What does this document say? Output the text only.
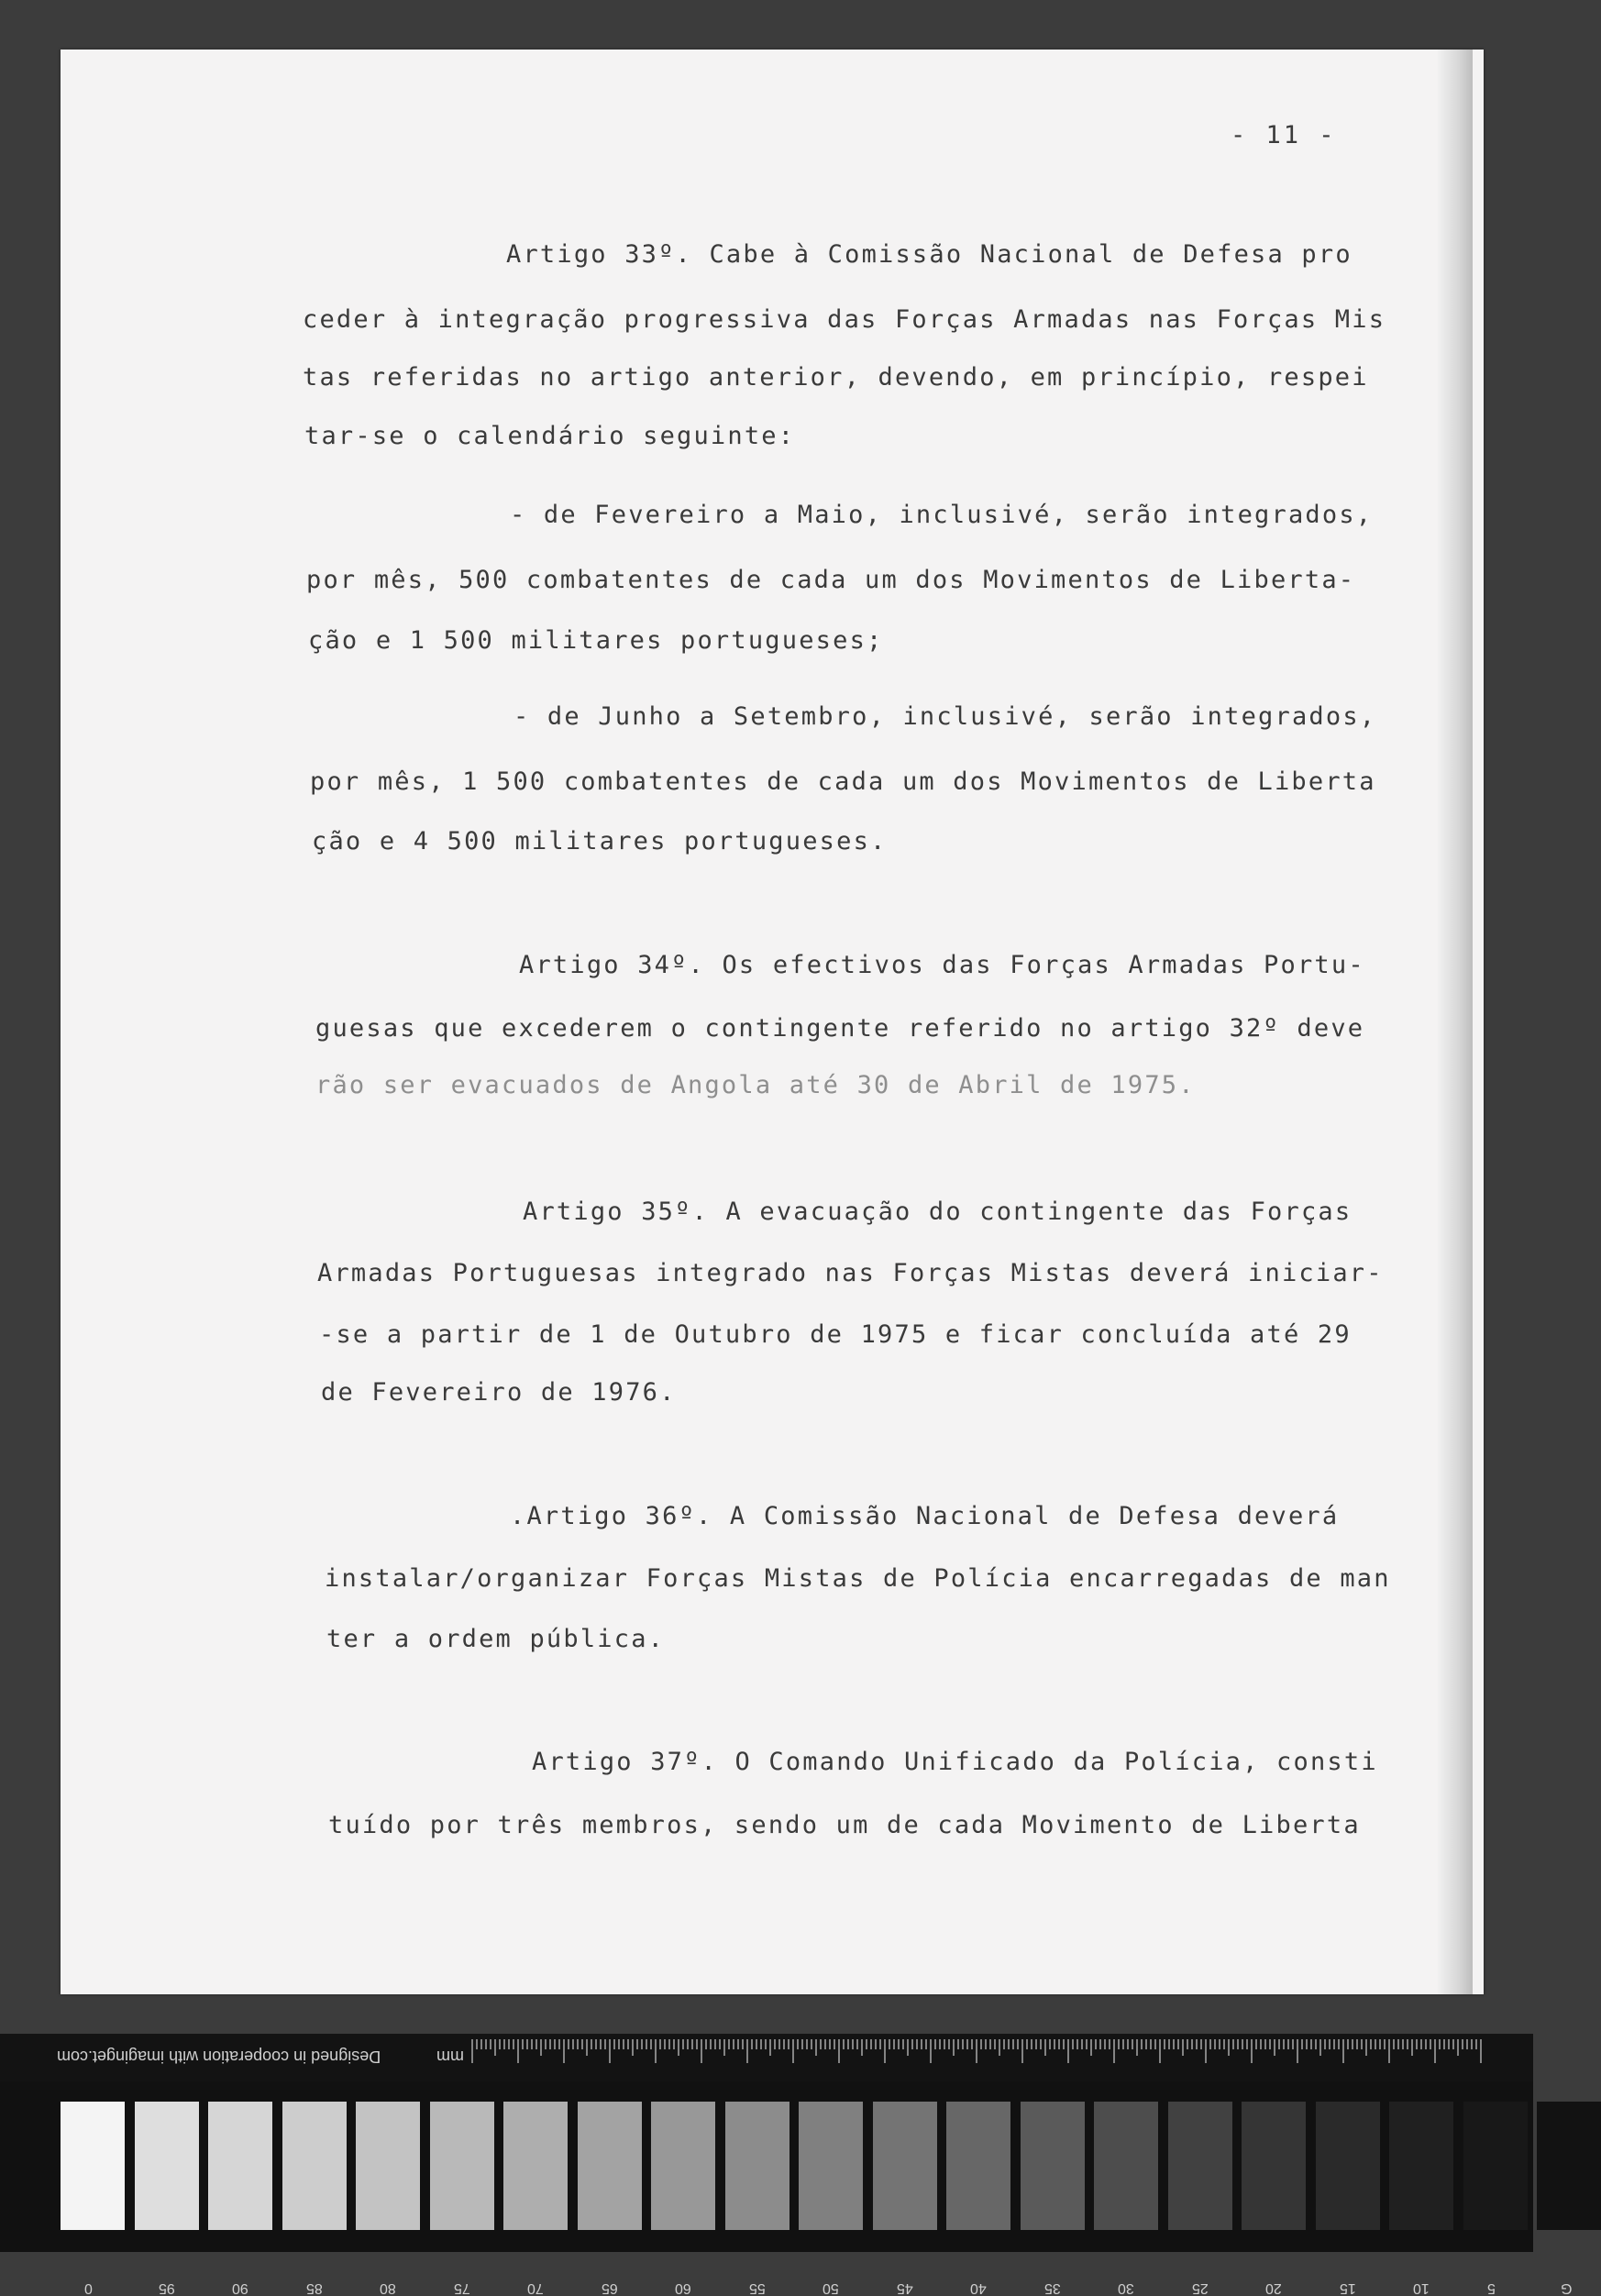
- 11 -
Artigo 33º. Cabe à Comissão Nacional de Defesa pro
ceder à integração progressiva das Forças Armadas nas Forças Mis
tas referidas no artigo anterior, devendo, em princípio, respei
tar-se o calendário seguinte:
- de Fevereiro a Maio, inclusivé, serão integrados,
por mês, 500 combatentes de cada um dos Movimentos de Liberta-
ção e 1 500 militares portugueses;
- de Junho a Setembro, inclusivé, serão integrados,
por mês, 1 500 combatentes de cada um dos Movimentos de Liberta
ção e 4 500 militares portugueses.
Artigo 34º. Os efectivos das Forças Armadas Portu-
guesas que excederem o contingente referido no artigo 32º deve
rão ser evacuados de Angola até 30 de Abril de 1975.
Artigo 35º. A evacuação do contingente das Forças
Armadas Portuguesas integrado nas Forças Mistas deverá iniciar-
-se a partir de 1 de Outubro de 1975 e ficar concluída até 29
de Fevereiro de 1976.
.Artigo 36º. A Comissão Nacional de Defesa deverá
instalar/organizar Forças Mistas de Polícia encarregadas de man
ter a ordem pública.
Artigo 37º. O Comando Unificado da Polícia, consti
tuído por três membros, sendo um de cada Movimento de Liberta
Designed in cooperation with imaginget.com	mm
0	95	90	85	80	75	70	65	60	55	50	45	40	35	30	25	20	15	10	5	G
